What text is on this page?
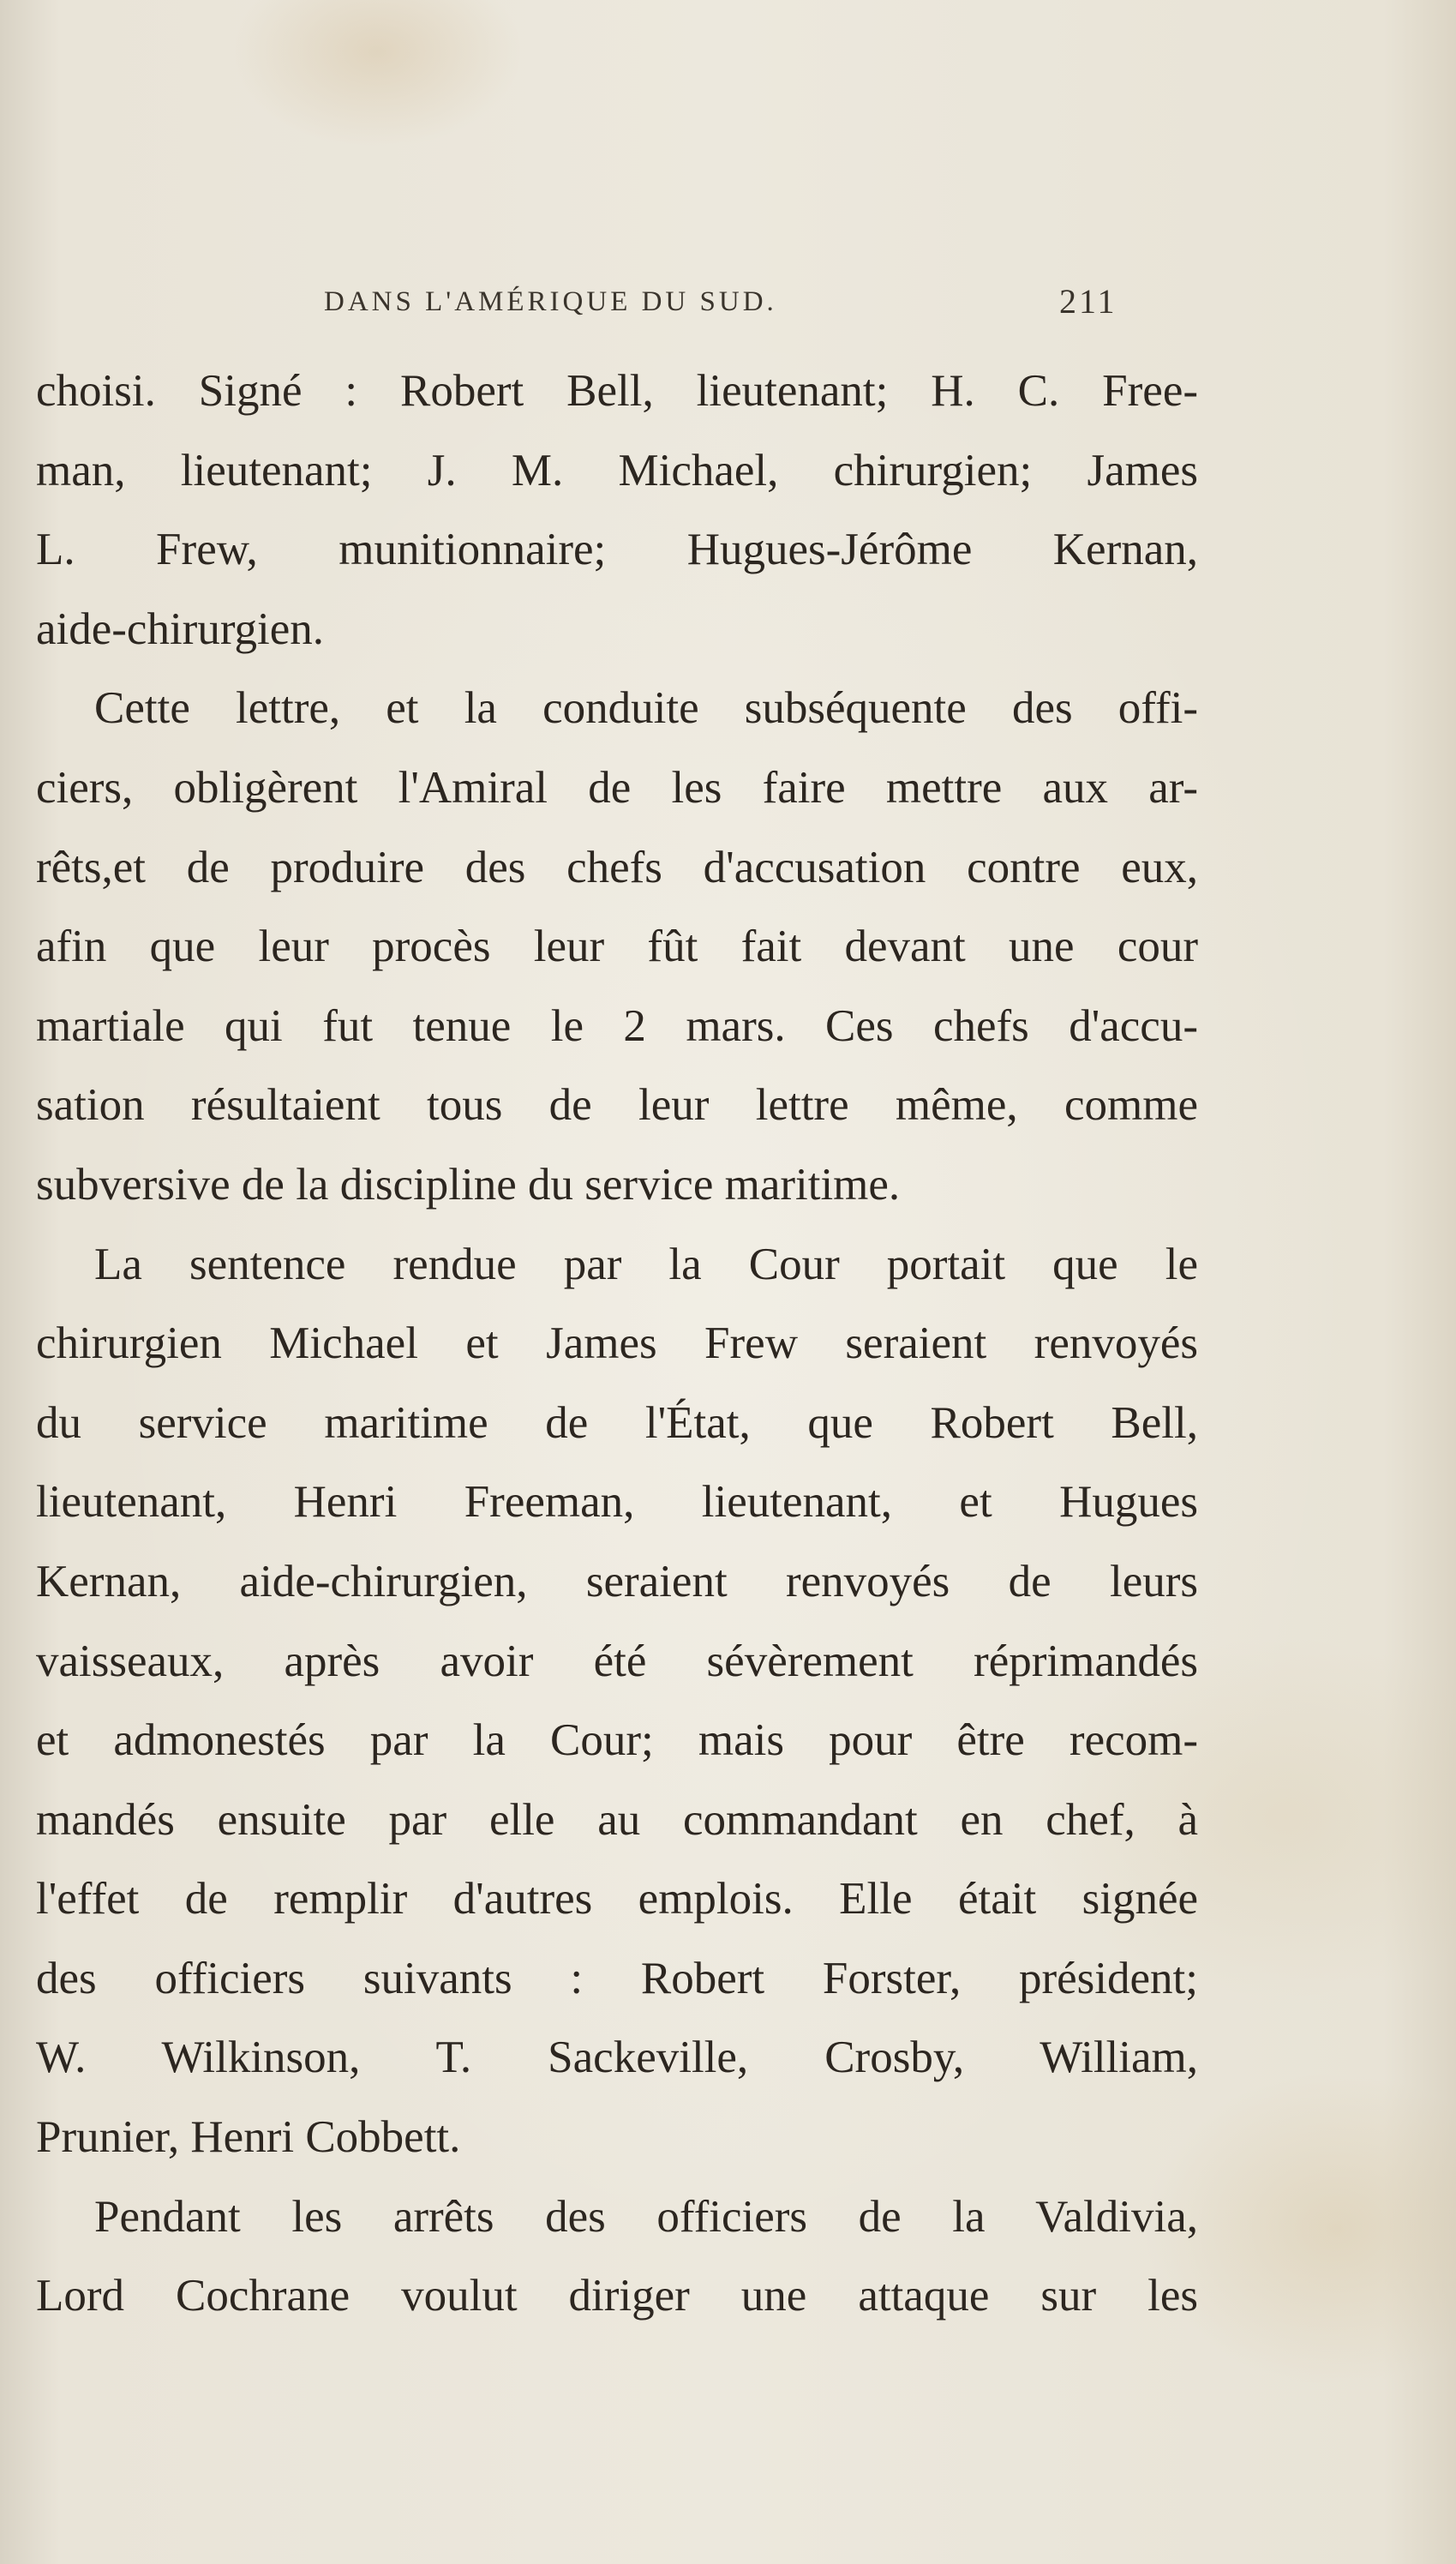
DANS L'AMÉRIQUE DU SUD.	211
choisi. Signé : Robert Bell, lieutenant; H. C. Free-
man, lieutenant; J. M. Michael, chirurgien; James
L. Frew, munitionnaire; Hugues-Jérôme Kernan,
aide-chirurgien.
Cette lettre, et la conduite subséquente des offi-
ciers, obligèrent l'Amiral de les faire mettre aux ar-
rêts,et de produire des chefs d'accusation contre eux,
afin que leur procès leur fût fait devant une cour
martiale qui fut tenue le 2 mars. Ces chefs d'accu-
sation résultaient tous de leur lettre même, comme
subversive de la discipline du service maritime.
La sentence rendue par la Cour portait que le
chirurgien Michael et James Frew seraient renvoyés
du service maritime de l'État, que Robert Bell,
lieutenant, Henri Freeman, lieutenant, et Hugues
Kernan, aide-chirurgien, seraient renvoyés de leurs
vaisseaux, après avoir été sévèrement réprimandés
et admonestés par la Cour; mais pour être recom-
mandés ensuite par elle au commandant en chef, à
l'effet de remplir d'autres emplois. Elle était signée
des officiers suivants : Robert Forster, président;
W. Wilkinson, T. Sackeville, Crosby, William,
Prunier, Henri Cobbett.
Pendant les arrêts des officiers de la Valdivia,
Lord Cochrane voulut diriger une attaque sur les
